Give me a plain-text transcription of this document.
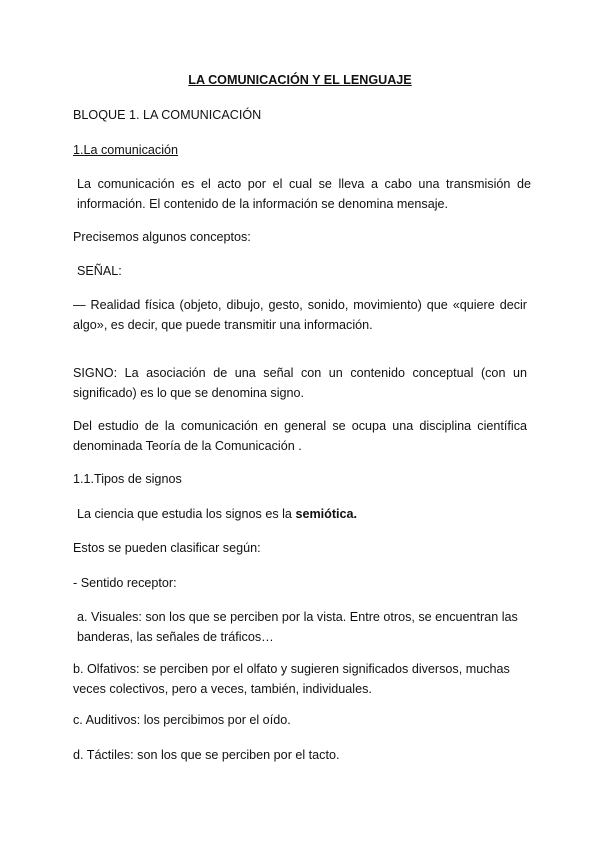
LA COMUNICACIÓN Y EL LENGUAJE

BLOQUE 1. LA COMUNICACIÓN

1.La comunicación

La comunicación es el acto por el cual se lleva a cabo una transmisión de información. El contenido de la información se denomina mensaje.

Precisemos algunos conceptos:

SEÑAL:

— Realidad física (objeto, dibujo, gesto, sonido, movimiento) que «quiere decir algo», es decir, que puede transmitir una información.

SIGNO: La asociación de una señal con un contenido conceptual (con un significado) es lo que se denomina signo.

Del estudio de la comunicación en general se ocupa una disciplina científica denominada Teoría de la Comunicación .

1.1.Tipos de signos

La ciencia que estudia los signos es la semiótica.

Estos se pueden clasificar según:

- Sentido receptor:

a. Visuales: son los que se perciben por la vista. Entre otros, se encuentran las banderas, las señales de tráficos…

b. Olfativos: se perciben por el olfato y sugieren significados diversos, muchas veces colectivos, pero a veces, también, individuales.

c. Auditivos: los percibimos por el oído.

d. Táctiles: son los que se perciben por el tacto.
